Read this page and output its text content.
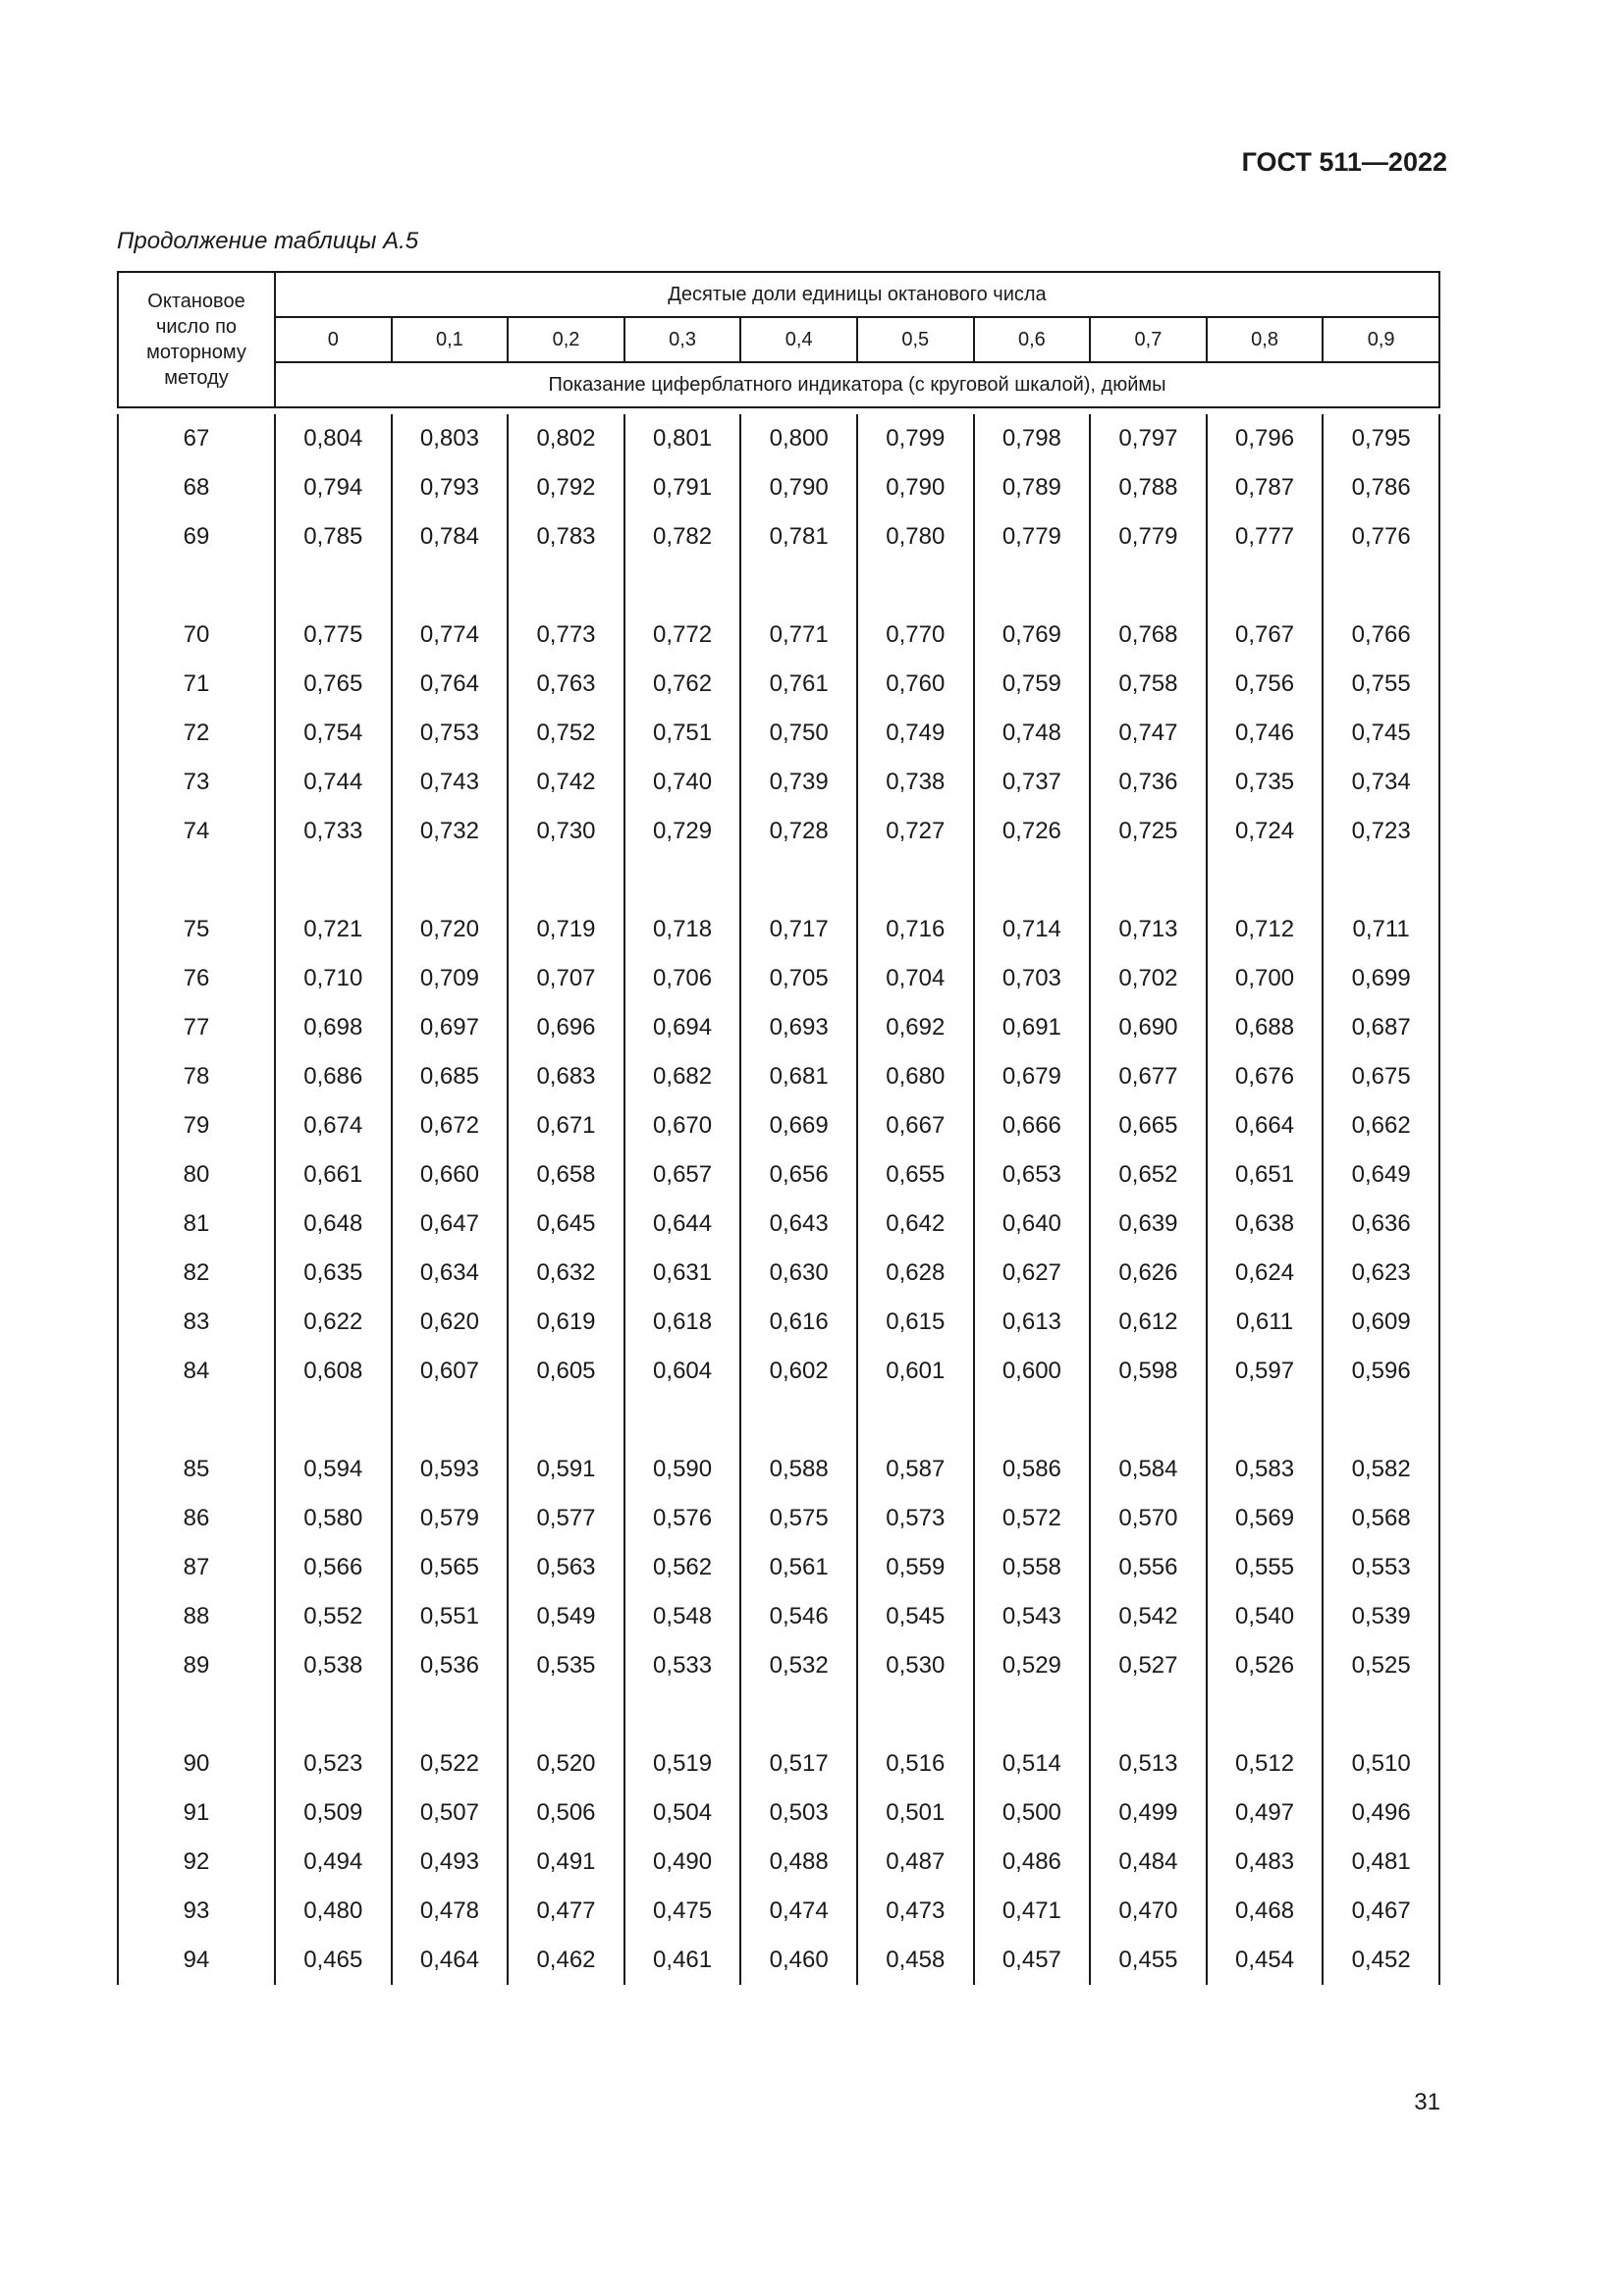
ГОСТ 511—2022
Продолжение таблицы А.5
Октановое число по моторному методу	Десятые доли единицы октанового числа									
	0	0,1	0,2	0,3	0,4	0,5	0,6	0,7	0,8	0,9
	Показание циферблатного индикатора (с круговой шкалой), дюймы									
67	0,804	0,803	0,802	0,801	0,800	0,799	0,798	0,797	0,796	0,795
68	0,794	0,793	0,792	0,791	0,790	0,790	0,789	0,788	0,787	0,786
69	0,785	0,784	0,783	0,782	0,781	0,780	0,779	0,779	0,777	0,776

70	0,775	0,774	0,773	0,772	0,771	0,770	0,769	0,768	0,767	0,766
71	0,765	0,764	0,763	0,762	0,761	0,760	0,759	0,758	0,756	0,755
72	0,754	0,753	0,752	0,751	0,750	0,749	0,748	0,747	0,746	0,745
73	0,744	0,743	0,742	0,740	0,739	0,738	0,737	0,736	0,735	0,734
74	0,733	0,732	0,730	0,729	0,728	0,727	0,726	0,725	0,724	0,723

75	0,721	0,720	0,719	0,718	0,717	0,716	0,714	0,713	0,712	0,711
76	0,710	0,709	0,707	0,706	0,705	0,704	0,703	0,702	0,700	0,699
77	0,698	0,697	0,696	0,694	0,693	0,692	0,691	0,690	0,688	0,687
78	0,686	0,685	0,683	0,682	0,681	0,680	0,679	0,677	0,676	0,675
79	0,674	0,672	0,671	0,670	0,669	0,667	0,666	0,665	0,664	0,662
80	0,661	0,660	0,658	0,657	0,656	0,655	0,653	0,652	0,651	0,649
81	0,648	0,647	0,645	0,644	0,643	0,642	0,640	0,639	0,638	0,636
82	0,635	0,634	0,632	0,631	0,630	0,628	0,627	0,626	0,624	0,623
83	0,622	0,620	0,619	0,618	0,616	0,615	0,613	0,612	0,611	0,609
84	0,608	0,607	0,605	0,604	0,602	0,601	0,600	0,598	0,597	0,596

85	0,594	0,593	0,591	0,590	0,588	0,587	0,586	0,584	0,583	0,582
86	0,580	0,579	0,577	0,576	0,575	0,573	0,572	0,570	0,569	0,568
87	0,566	0,565	0,563	0,562	0,561	0,559	0,558	0,556	0,555	0,553
88	0,552	0,551	0,549	0,548	0,546	0,545	0,543	0,542	0,540	0,539
89	0,538	0,536	0,535	0,533	0,532	0,530	0,529	0,527	0,526	0,525

90	0,523	0,522	0,520	0,519	0,517	0,516	0,514	0,513	0,512	0,510
91	0,509	0,507	0,506	0,504	0,503	0,501	0,500	0,499	0,497	0,496
92	0,494	0,493	0,491	0,490	0,488	0,487	0,486	0,484	0,483	0,481
93	0,480	0,478	0,477	0,475	0,474	0,473	0,471	0,470	0,468	0,467
94	0,465	0,464	0,462	0,461	0,460	0,458	0,457	0,455	0,454	0,452
31
